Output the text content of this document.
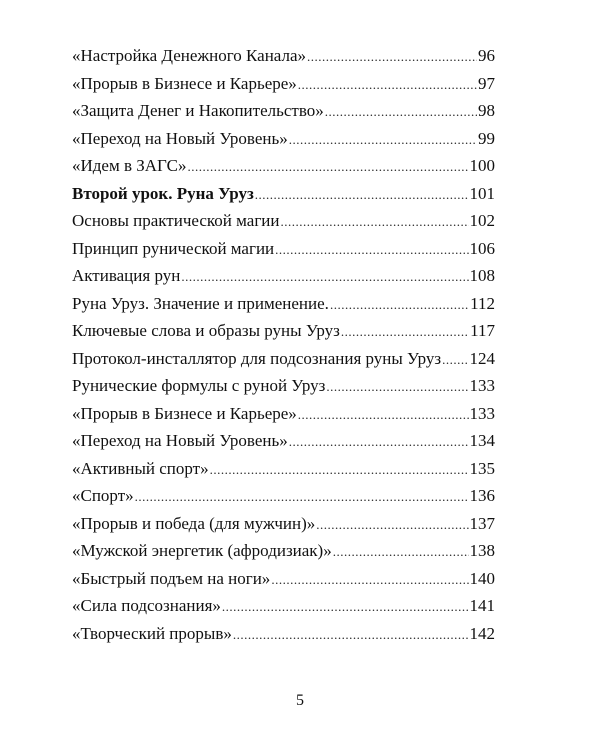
«Настройка Денежного Канала» .....	96
«Прорыв в Бизнесе и Карьере» .....	97
«Защита Денег и Накопительство» .....	98
«Переход на Новый Уровень» .....	99
«Идем в ЗАГС» .....	100
Второй урок. Руна Уруз .....	101
Основы практической магии .....	102
Принцип рунической магии .....	106
Активация рун .....	108
Руна Уруз. Значение и применение. .....	112
Ключевые слова и образы руны Уруз .....	117
Протокол-инсталлятор для подсознания руны Уруз ..... 124
Рунические формулы с руной Уруз .....	133
«Прорыв в Бизнесе и Карьере» .....	133
«Переход на Новый Уровень» .....	134
«Активный спорт» .....	135
«Спорт» .....	136
«Прорыв и победа (для мужчин)» .....	137
«Мужской энергетик (афродизиак)» .....	138
«Быстрый подъем на ноги» .....	140
«Сила подсознания» .....	141
«Творческий прорыв» .....	142
5
